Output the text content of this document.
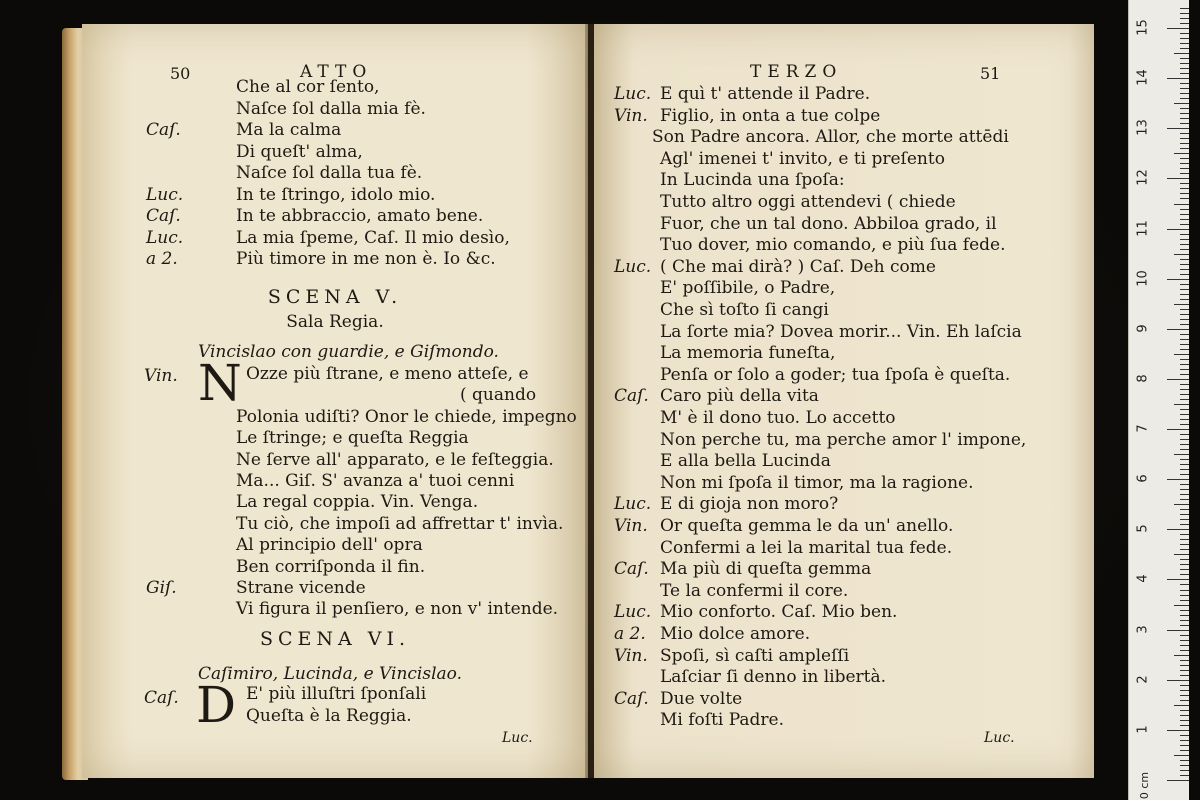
50	ATTO
Che al cor ſento,
Naſce ſol dalla mia fè.
Caſ.	Ma la calma
Di queſt' alma,
Naſce ſol dalla tua fè.
Luc.	In te ſtringo, idolo mio.
Caſ.	In te abbraccio, amato bene.
Luc.	La mia ſpeme, Caſ. Il mio desìo,
a 2.	Più timore in me non è. Io &c.
SCENA V.
Sala Regia.
Vincislao con guardie, e Giſmondo.
Vin. N Ozze più ſtrane, e meno atteſe, e
( quando
Polonia udiſti? Onor le chiede, impegno
Le ſtringe; e queſta Reggia
Ne ſerve all' apparato, e le feſteggia.
Ma... Giſ. S' avanza a' tuoi cenni
La regal coppia. Vin. Venga.
Tu ciò, che impoſi ad affrettar t' invìa.
Al principio dell' opra
Ben corriſponda il fin.
Giſ.	Strane vicende
Vi figura il penſiero, e non v' intende.
SCENA VI.
Caſimiro, Lucinda, e Vincislao.
Caſ. D E' più illuſtri ſponſali
Queſta è la Reggia.
Luc.
TERZO	51
Luc. E quì t' attende il Padre.
Vin. Figlio, in onta a tue colpe
Son Padre ancora. Allor, che morte attēdi
Agl' imenei t' invito, e ti preſento
In Lucinda una ſpoſa:
Tutto altro oggi attendevi ( chiede
Fuor, che un tal dono. Abbiloa grado, il
Tuo dover, mio comando, e più ſua fede.
Luc. ( Che mai dirà? ) Caſ. Deh come
E' poſſibile, o Padre,
Che sì toſto ſi cangi
La ſorte mia? Dovea morir... Vin. Eh laſcia
La memoria funeſta,
Penſa or ſolo a goder; tua ſpoſa è queſta.
Caſ. Caro più della vita
M' è il dono tuo. Lo accetto
Non perche tu, ma perche amor l' impone,
E alla bella Lucinda
Non mi ſpoſa il timor, ma la ragione.
Luc. E di gioja non moro?
Vin. Or queſta gemma le da un' anello.
Confermi a lei la marital tua fede.
Caſ. Ma più di queſta gemma
Te la confermi il core.
Luc. Mio conforto. Caſ. Mio ben.
a 2. Mio dolce amore.
Vin. Spoſi, sì caſti ampleſſi
Laſciar ſi denno in libertà.
Caſ. Due volte
Mi foſti Padre.
Luc.
0 cm
1
2
3
4
5
6
7
8
9
10
11
12
13
14
15
